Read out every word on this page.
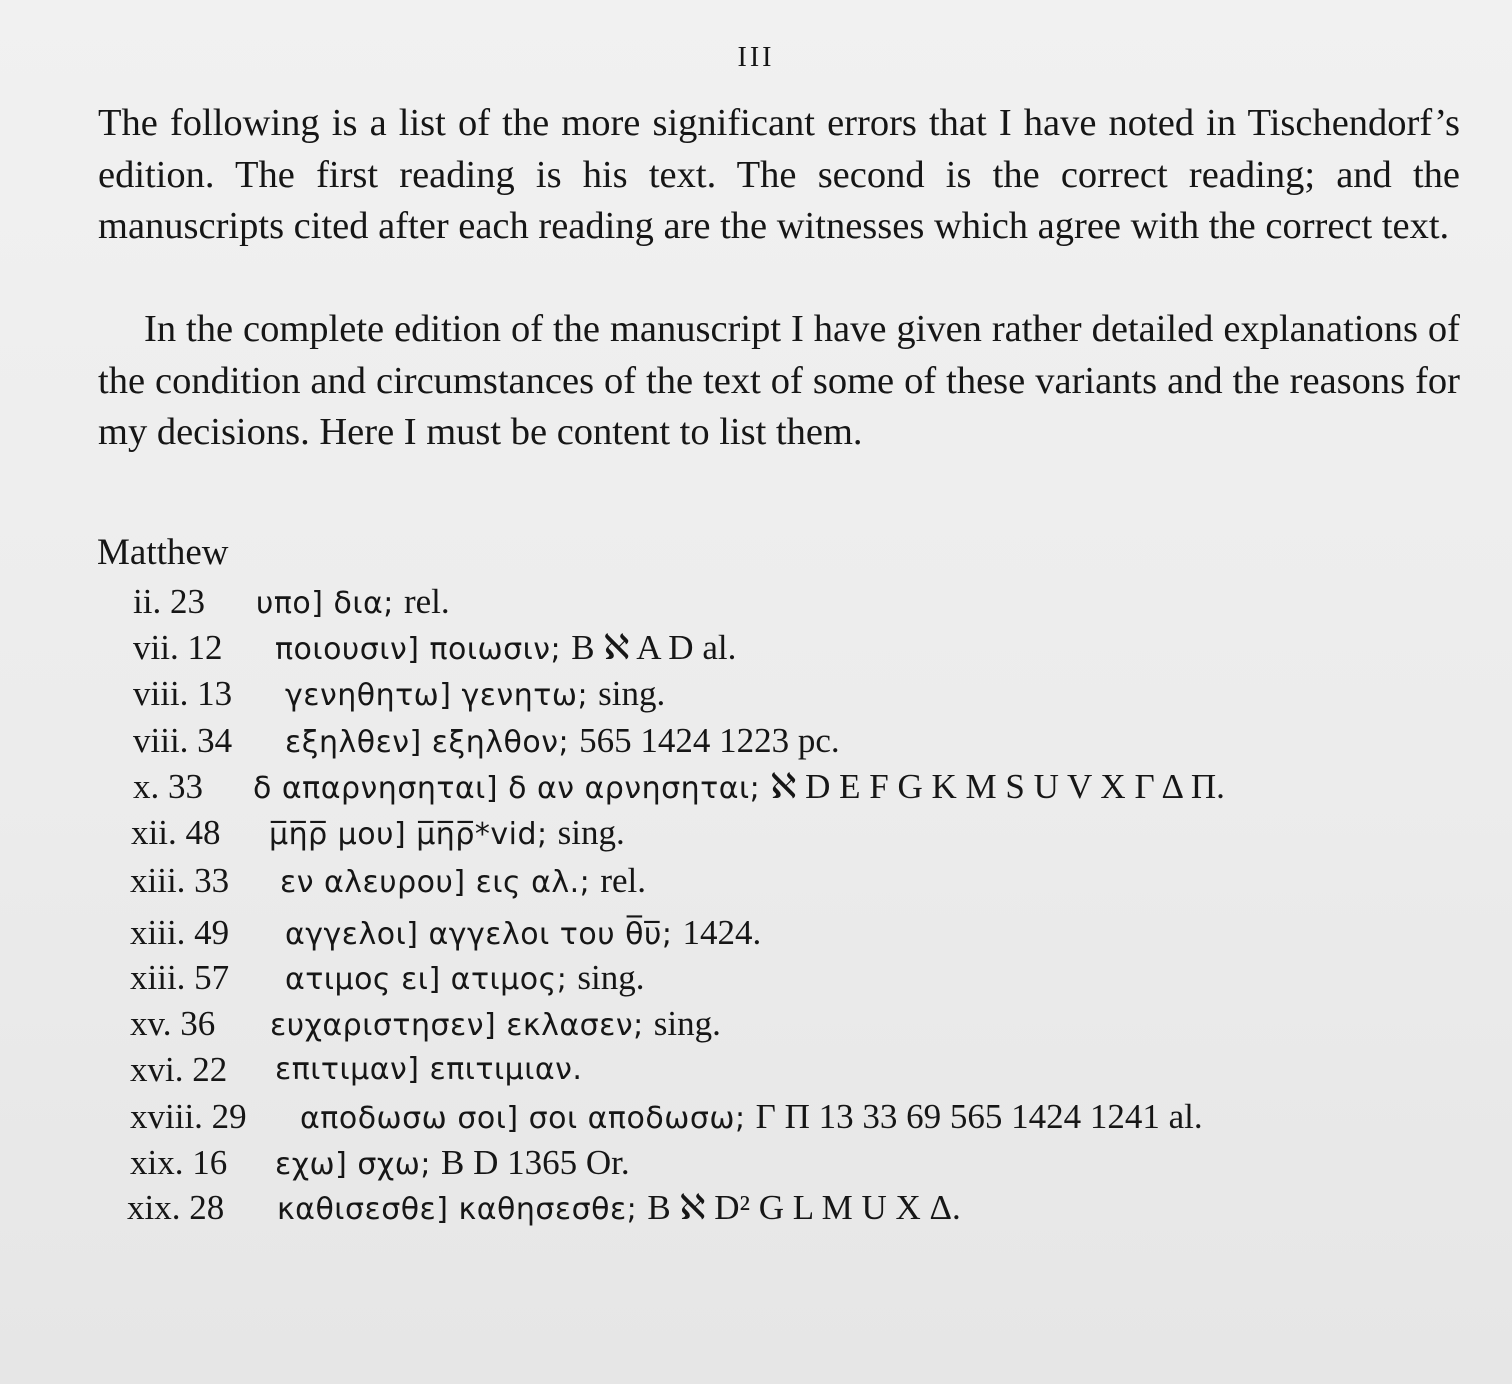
III

The following is a list of the more significant errors that I have noted in Tischendorf’s edition. The first reading is his text. The second is the correct reading; and the manuscripts cited after each reading are the witnesses which agree with the correct text.

In the complete edition of the manuscript I have given rather detailed explanations of the condition and circumstances of the text of some of these variants and the reasons for my decisions. Here I must be content to list them.

Matthew
ii. 23 υπο] δια; rel.
vii. 12 ποιουσιν] ποιωσιν; B ℵ A D al.
viii. 13 γενηθητω] γενητω; sing.
viii. 34 εξηλθεν] εξηλθον; 565 1424 1223 pc.
x. 33 δ απαρνησηται] δ αν αρνησηται; ℵ D E F G K M S U V X Γ Δ Π.
xii. 48 μ̅η̅ρ̅ μου] μ̅η̅ρ̅*vid; sing.
xiii. 33 εν αλευρου] εις αλ.; rel.
xiii. 49 αγγελοι] αγγελοι του θ̅υ̅; 1424.
xiii. 57 ατιμος ει] ατιμος; sing.
xv. 36 ευχαριστησεν] εκλασεν; sing.
xvi. 22 επιτιμαν] επιτιμιαν.
xviii. 29 αποδωσω σοι] σοι αποδωσω; Γ Π 13 33 69 565 1424 1241 al.
xix. 16 εχω] σχω; B D 1365 Or.
xix. 28 καθισεσθε] καθησεσθε; B ℵ D² G L M U X Δ.
